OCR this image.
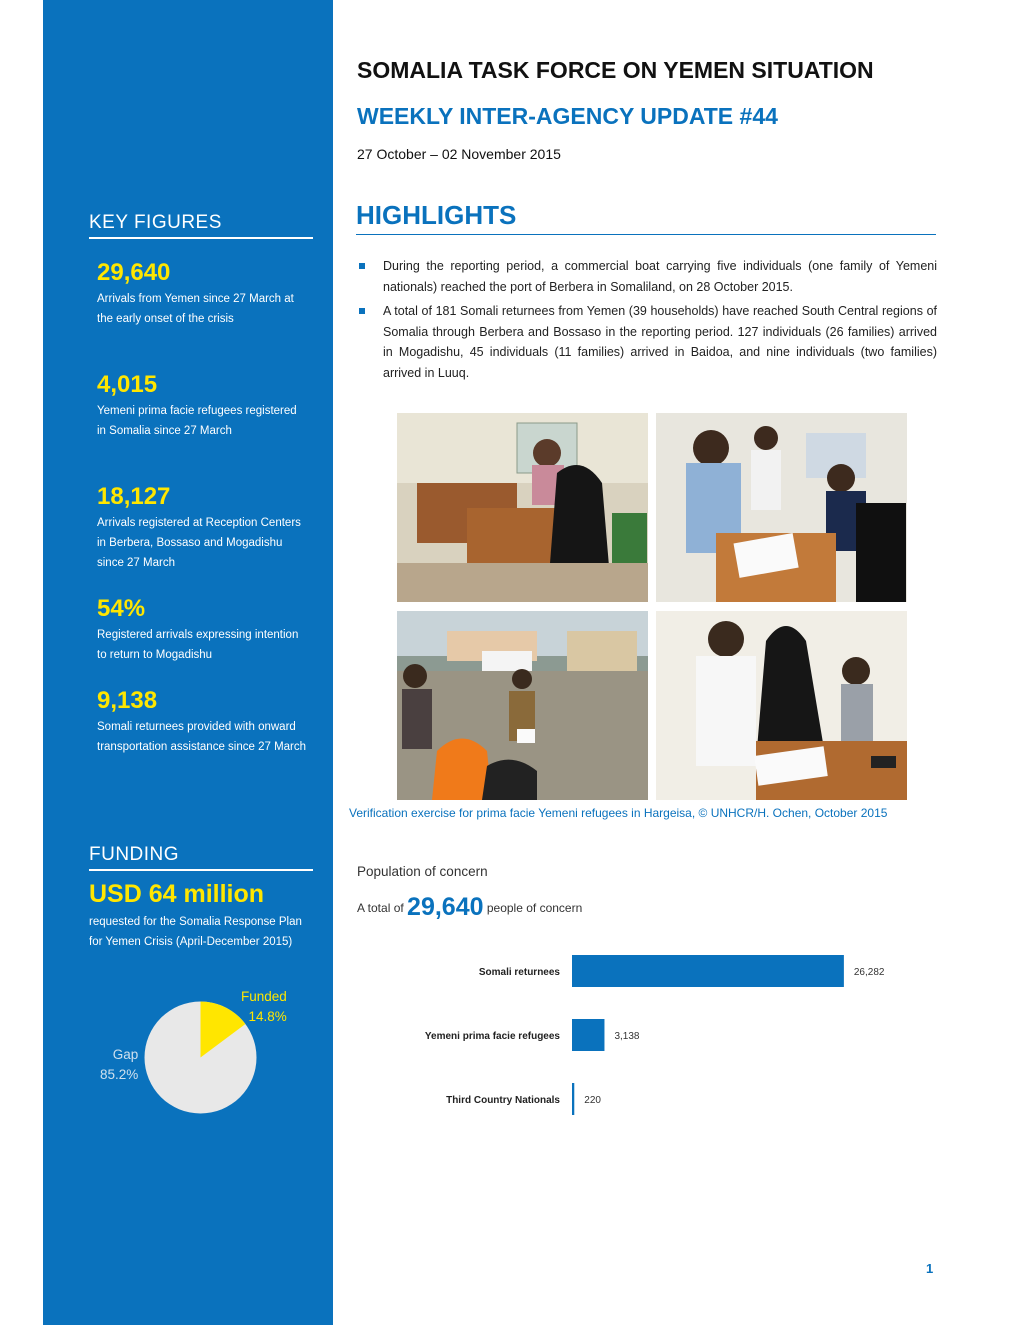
KEY FIGURES
29,640
Arrivals from Yemen since 27 March at the early onset of the crisis
4,015
Yemeni prima facie refugees registered in Somalia since 27 March
18,127
Arrivals registered at Reception Centers in Berbera, Bossaso and Mogadishu since 27 March
54%
Registered arrivals expressing intention to return to Mogadishu
9,138
Somali returnees provided with onward transportation assistance since 27 March
FUNDING
USD 64 million
requested for the Somalia Response Plan for Yemen Crisis (April-December 2015)
Funded
14.8%
Gap
85.2%
SOMALIA TASK FORCE ON YEMEN SITUATION
WEEKLY INTER-AGENCY UPDATE #44
27 October – 02 November 2015
HIGHLIGHTS
During the reporting period, a commercial boat carrying five individuals (one family of Yemeni nationals) reached the port of Berbera in Somaliland, on 28 October 2015.
A total of 181 Somali returnees from Yemen (39 households) have reached South Central regions of Somalia through Berbera and Bossaso in the reporting period. 127 individuals (26 families) arrived in Mogadishu, 45 individuals (11 families) arrived in Baidoa, and nine individuals (two families) arrived in Luuq.
Verification exercise for prima facie Yemeni refugees in Hargeisa, © UNHCR/H. Ochen, October 2015
Population of concern
A total of 29,640 people of concern
Somali returnees	26,282
Yemeni prima facie refugees	3,138
Third Country Nationals 220
1
